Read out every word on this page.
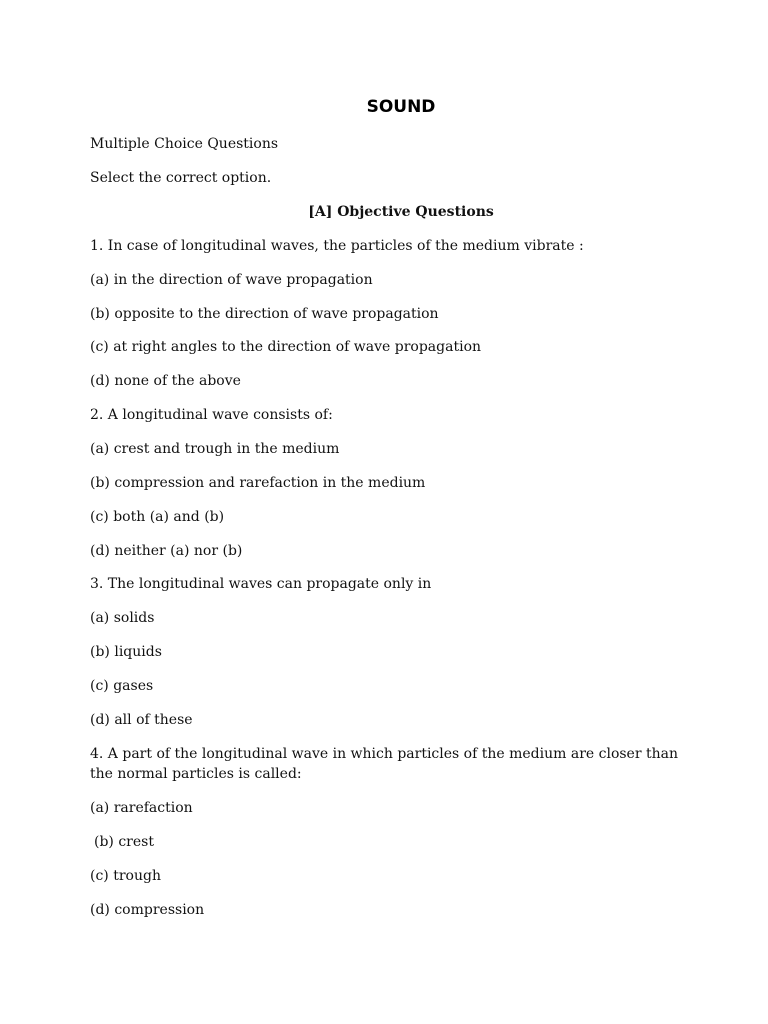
SOUND
Multiple Choice Questions
Select the correct option.
[A] Objective Questions
1. In case of longitudinal waves, the particles of the medium vibrate :
(a) in the direction of wave propagation
(b) opposite to the direction of wave propagation
(c) at right angles to the direction of wave propagation
(d) none of the above
2. A longitudinal wave consists of:
(a) crest and trough in the medium
(b) compression and rarefaction in the medium
(c) both (a) and (b)
(d) neither (a) nor (b)
3. The longitudinal waves can propagate only in
(a) solids
(b) liquids
(c) gases
(d) all of these
4. A part of the longitudinal wave in which particles of the medium are closer than the normal particles is called:
(a) rarefaction
(b) crest
(c) trough
(d) compression
